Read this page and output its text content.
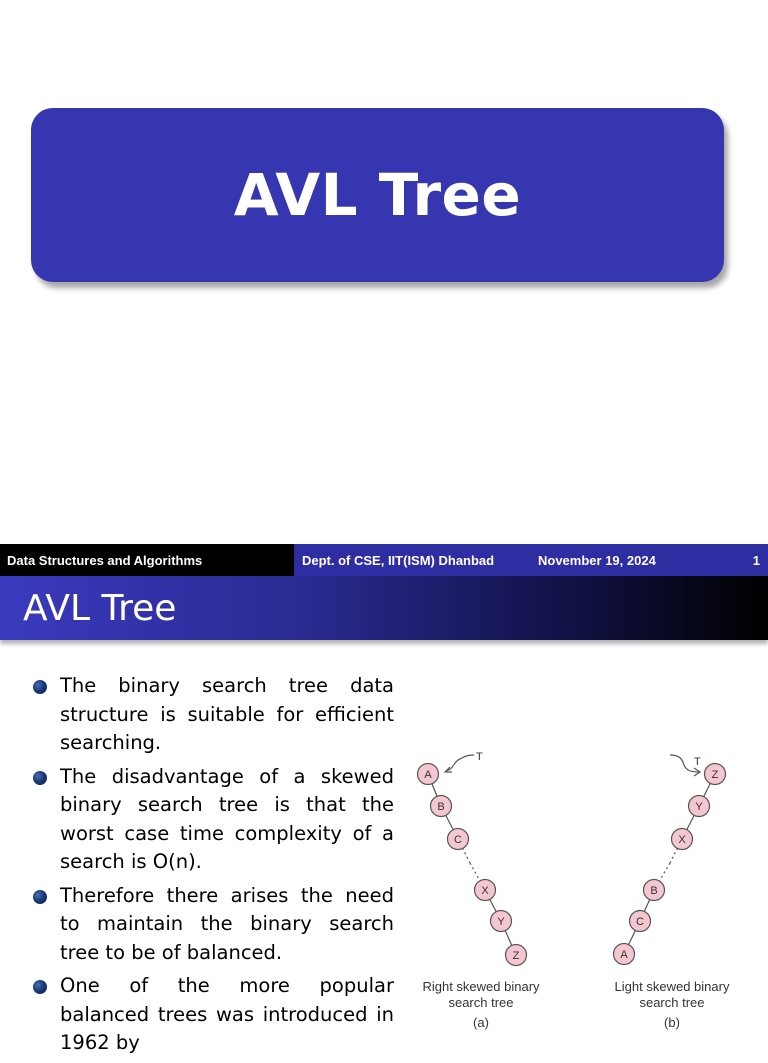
AVL Tree
Data Structures and Algorithms	Dept. of CSE, IIT(ISM) Dhanbad	November 19, 2024	1
AVL Tree
The binary search tree data structure is suitable for efficient searching.
The disadvantage of a skewed binary search tree is that the worst case time complexity of a search is O(n).
Therefore there arises the need to maintain the binary search tree to be of balanced.
One of the more popular balanced trees was introduced in 1962 by
A
B
C
X
Y
Z
Z
Y
X
B
C
A
T	T
Right skewed binary
search tree
(a)
Light skewed binary
search tree
(b)
